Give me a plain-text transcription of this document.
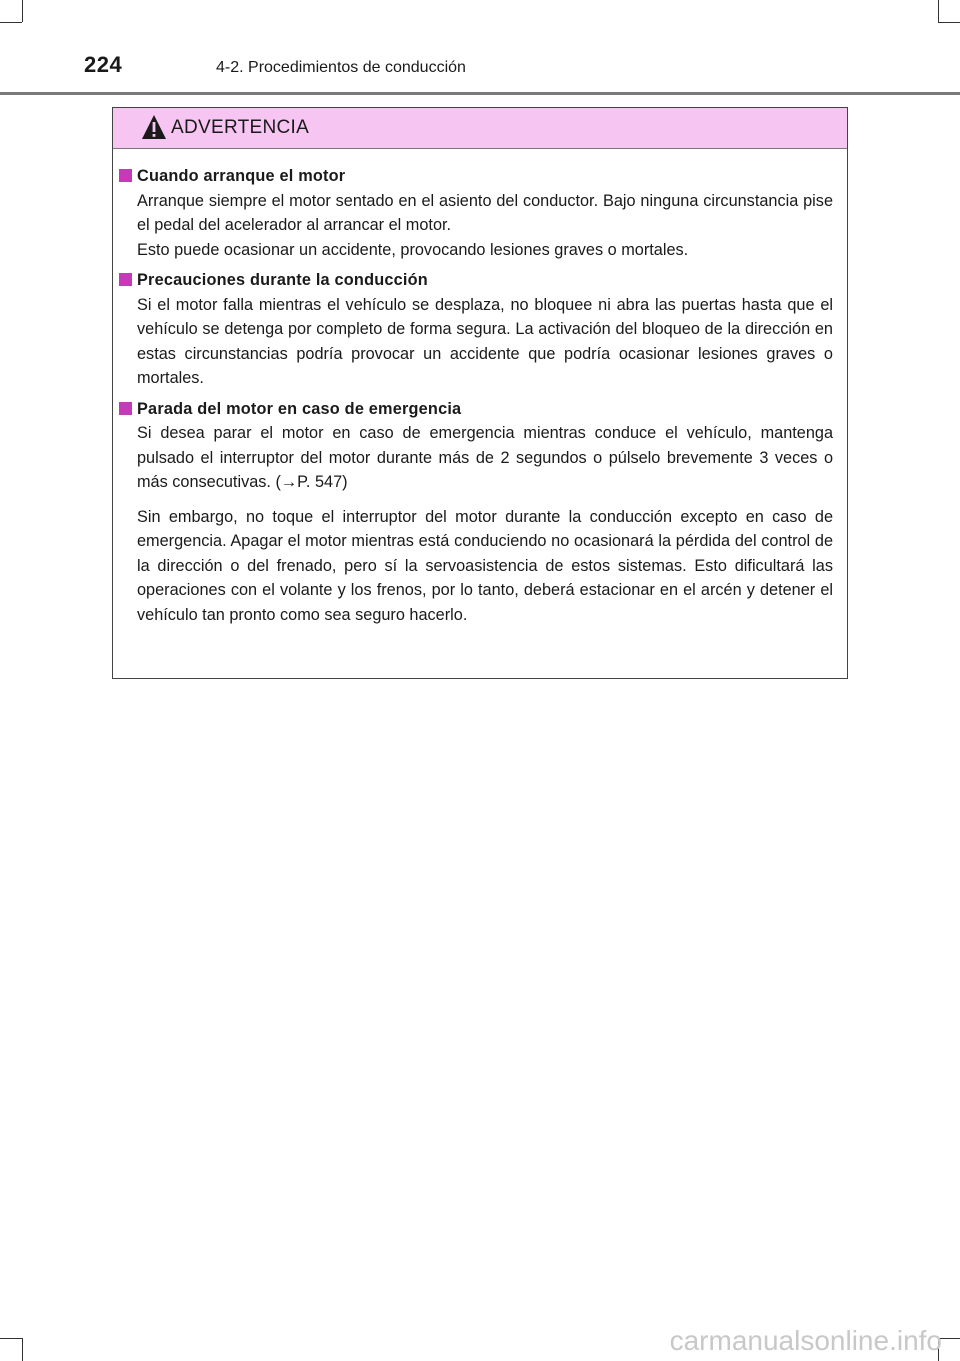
224	4-2. Procedimientos de conducción
ADVERTENCIA
Cuando arranque el motor

Arranque siempre el motor sentado en el asiento del conductor. Bajo ninguna circunstancia pise el pedal del acelerador al arrancar el motor.

Esto puede ocasionar un accidente, provocando lesiones graves o mortales.

Precauciones durante la conducción

Si el motor falla mientras el vehículo se desplaza, no bloquee ni abra las puertas hasta que el vehículo se detenga por completo de forma segura. La activación del bloqueo de la dirección en estas circunstancias podría provocar un accidente que podría ocasionar lesiones graves o mortales.

Parada del motor en caso de emergencia

Si desea parar el motor en caso de emergencia mientras conduce el vehículo, mantenga pulsado el interruptor del motor durante más de 2 segundos o púlselo brevemente 3 veces o más consecutivas. (→P. 547)

Sin embargo, no toque el interruptor del motor durante la conducción excepto en caso de emergencia. Apagar el motor mientras está conduciendo no ocasionará la pérdida del control de la dirección o del frenado, pero sí la servoasistencia de estos sistemas. Esto dificultará las operaciones con el volante y los frenos, por lo tanto, deberá estacionar en el arcén y detener el vehículo tan pronto como sea seguro hacerlo.

carmanualsonline.info
